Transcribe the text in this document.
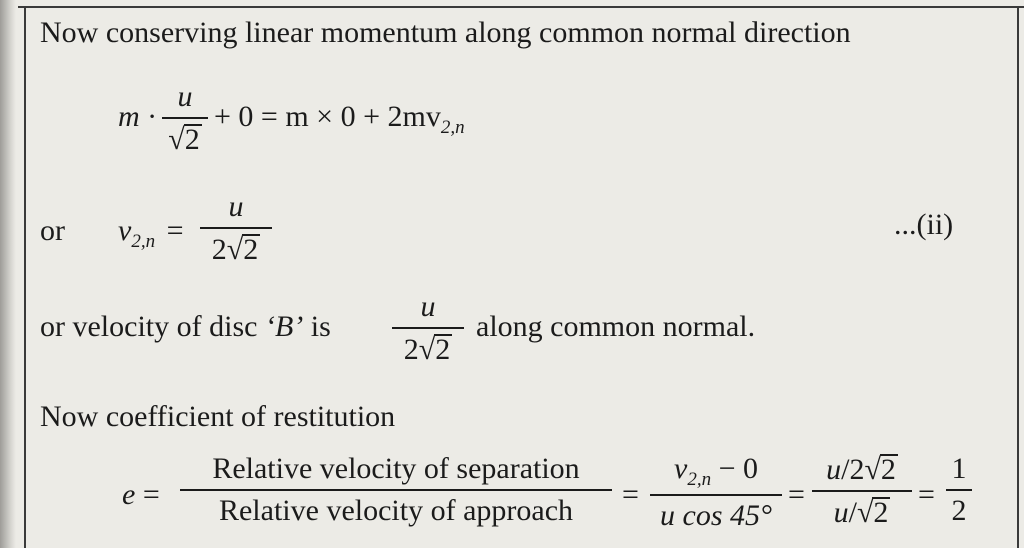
Now conserving linear momentum along common normal direction
m ·
u
√2
+ $0 = m \times 0 + 2mv_{2,n}$
or $v_{2,n}$ =
u
2√2
...(ii)
or velocity of disc ‘B’ is
u
2√2
along common normal.
Now coefficient of restitution
e =
Relative velocity of separation
Relative velocity of approach	=
$v_{2,n} - 0$
u cos 45°
=
u/2√2
u/√2
=
1
2
